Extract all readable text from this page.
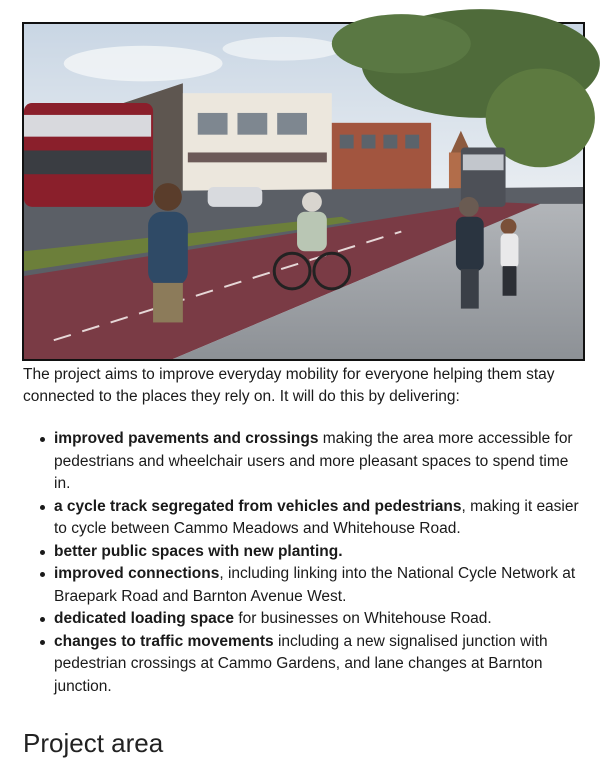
The project aims to improve everyday mobility for everyone helping them stay connected to the places they rely on. It will do this by delivering:

improved pavements and crossings making the area more accessible for pedestrians and wheelchair users and more pleasant spaces to spend time in.
a cycle track segregated from vehicles and pedestrians, making it easier to cycle between Cammo Meadows and Whitehouse Road.
better public spaces with new planting.
improved connections, including linking into the National Cycle Network at Braepark Road and Barnton Avenue West.
dedicated loading space for businesses on Whitehouse Road.
changes to traffic movements including a new signalised junction with pedestrian crossings at Cammo Gardens, and lane changes at Barnton junction.
Project area
